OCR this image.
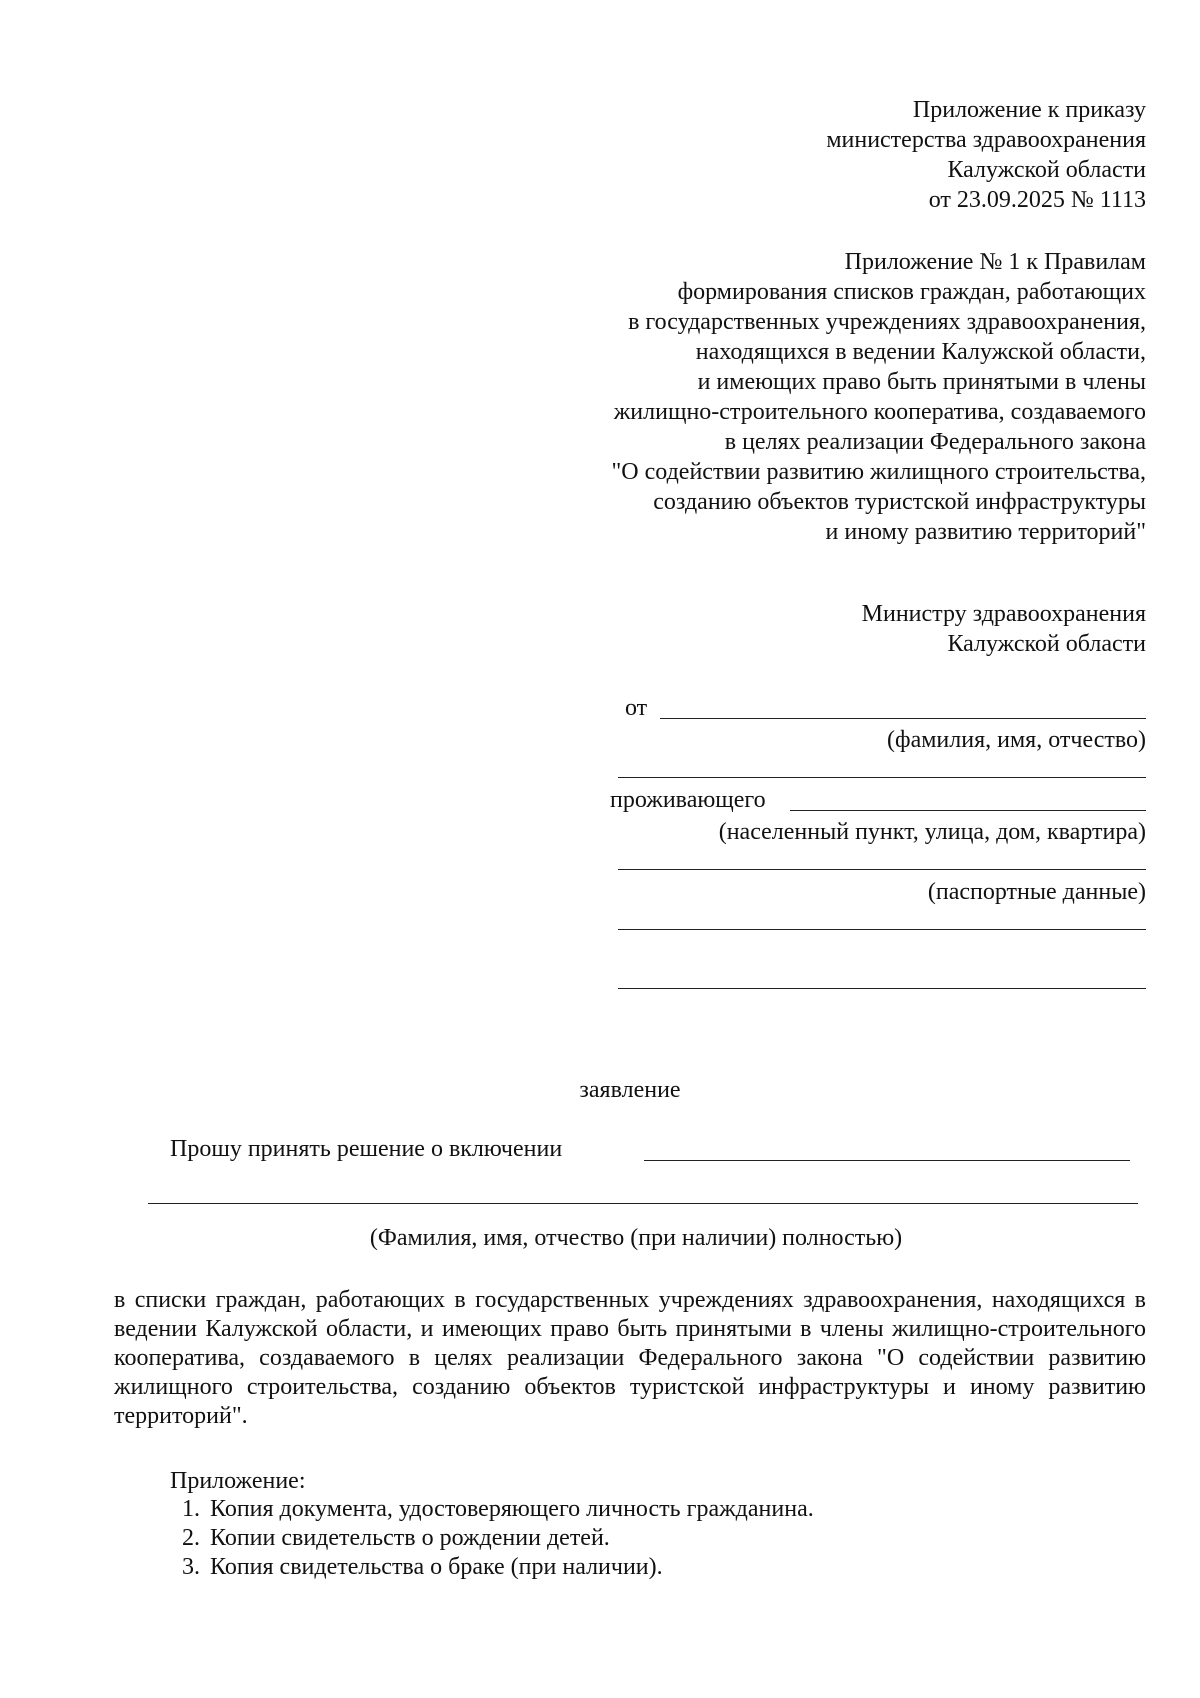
Приложение к приказу
министерства здравоохранения
Калужской области
от 23.09.2025 № 1113
Приложение № 1 к Правилам
формирования списков граждан, работающих
в государственных учреждениях здравоохранения,
находящихся в ведении Калужской области,
и имеющих право быть принятыми в члены
жилищно-строительного кооператива, создаваемого
в целях реализации Федерального закона
"О содействии развитию жилищного строительства,
созданию объектов туристской инфраструктуры
и иному развитию территорий"
Министру здравоохранения
Калужской области
от
(фамилия, имя, отчество)
проживающего
(населенный пункт, улица, дом, квартира)
(паспортные данные)
заявление
Прошу принять решение о включении
(Фамилия, имя, отчество (при наличии) полностью)
в списки граждан, работающих в государственных учреждениях здравоохранения, находящихся в ведении Калужской области, и имеющих право быть принятыми в члены жилищно-строительного кооператива, создаваемого в целях реализации Федерального закона "О содействии развитию жилищного строительства, созданию объектов туристской инфраструктуры и иному развитию территорий".
Приложение:
1. Копия документа, удостоверяющего личность гражданина.
2. Копии свидетельств о рождении детей.
3. Копия свидетельства о браке (при наличии).
